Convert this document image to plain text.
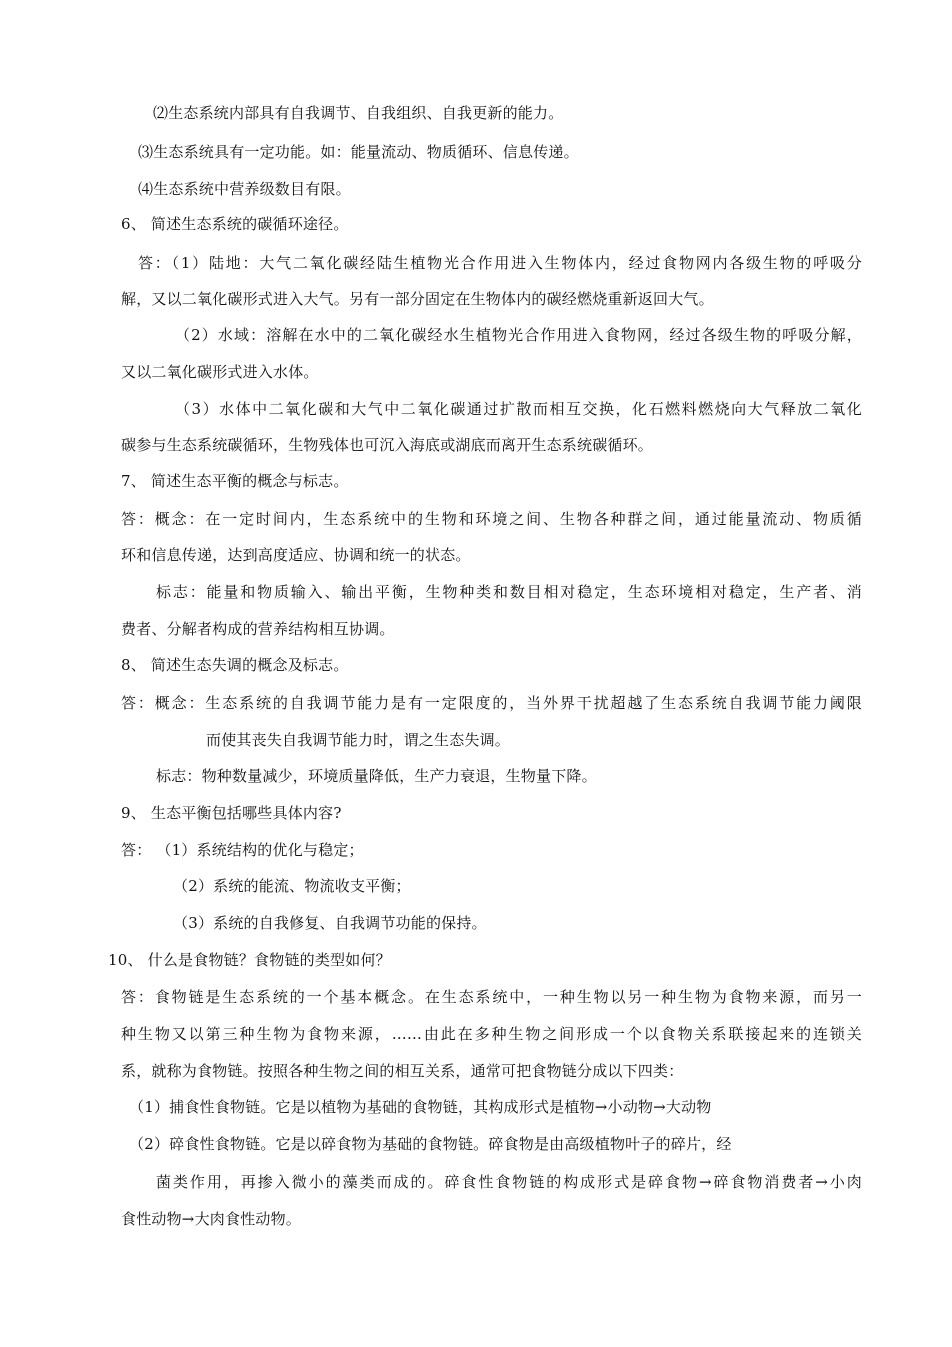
⑵生态系统内部具有自我调节、自我组织、自我更新的能力。
⑶生态系统具有一定功能。如：能量流动、物质循环、信息传递。
⑷生态系统中营养级数目有限。
6、 简述生态系统的碳循环途径。
答：（1）陆地：大气二氧化碳经陆生植物光合作用进入生物体内，经过食物网内各级生物的呼吸分
解，又以二氧化碳形式进入大气。另有一部分固定在生物体内的碳经燃烧重新返回大气。
（2）水域：溶解在水中的二氧化碳经水生植物光合作用进入食物网，经过各级生物的呼吸分解，
又以二氧化碳形式进入水体。
（3）水体中二氧化碳和大气中二氧化碳通过扩散而相互交换，化石燃料燃烧向大气释放二氧化
碳参与生态系统碳循环，生物残体也可沉入海底或湖底而离开生态系统碳循环。
7、 简述生态平衡的概念与标志。
答：概念：在一定时间内，生态系统中的生物和环境之间、生物各种群之间，通过能量流动、物质循
环和信息传递，达到高度适应、协调和统一的状态。
标志：能量和物质输入、输出平衡，生物种类和数目相对稳定，生态环境相对稳定，生产者、消
费者、分解者构成的营养结构相互协调。
8、 简述生态失调的概念及标志。
答：概念：生态系统的自我调节能力是有一定限度的，当外界干扰超越了生态系统自我调节能力阈限
而使其丧失自我调节能力时，谓之生态失调。
标志：物种数量减少，环境质量降低，生产力衰退，生物量下降。
9、 生态平衡包括哪些具体内容?
答： （1）系统结构的优化与稳定；
（2）系统的能流、物流收支平衡；
（3）系统的自我修复、自我调节功能的保持。
10、 什么是食物链？食物链的类型如何？
答：食物链是生态系统的一个基本概念。在生态系统中，一种生物以另一种生物为食物来源，而另一
种生物又以第三种生物为食物来源，……由此在多种生物之间形成一个以食物关系联接起来的连锁关
系，就称为食物链。按照各种生物之间的相互关系，通常可把食物链分成以下四类：
（1）捕食性食物链。它是以植物为基础的食物链，其构成形式是植物→小动物→大动物
（2）碎食性食物链。它是以碎食物为基础的食物链。碎食物是由高级植物叶子的碎片，经
菌类作用，再掺入微小的藻类而成的。碎食性食物链的构成形式是碎食物→碎食物消费者→小肉
食性动物→大肉食性动物。
